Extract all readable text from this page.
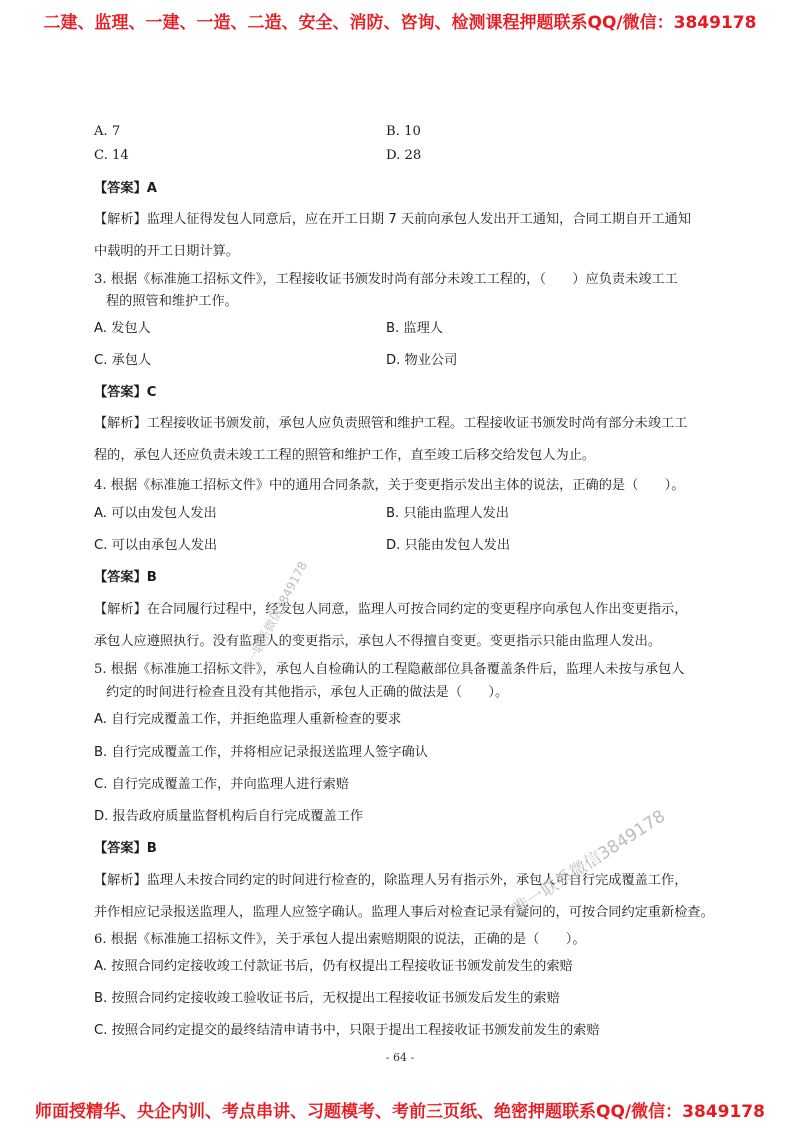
二建、监理、一建、一造、二造、安全、消防、咨询、检测课程押题联系QQ/微信：3849178
A. 7	B. 10
C. 14	D. 28
【答案】A
【解析】监理人征得发包人同意后，应在开工日期 7 天前向承包人发出开工通知，合同工期自开工通知
中载明的开工日期计算。
3. 根据《标准施工招标文件》，工程接收证书颁发时尚有部分未竣工工程的，（　　）应负责未竣工工
程的照管和维护工作。
A. 发包人	B. 监理人
C. 承包人	D. 物业公司
【答案】C
【解析】工程接收证书颁发前，承包人应负责照管和维护工程。工程接收证书颁发时尚有部分未竣工工
程的，承包人还应负责未竣工工程的照管和维护工作，直至竣工后移交给发包人为止。
4. 根据《标准施工招标文件》中的通用合同条款，关于变更指示发出主体的说法，正确的是（　　）。
A. 可以由发包人发出	B. 只能由监理人发出
C. 可以由承包人发出	D. 只能由发包人发出
【答案】B
【解析】在合同履行过程中，经发包人同意，监理人可按合同约定的变更程序向承包人作出变更指示，
承包人应遵照执行。没有监理人的变更指示，承包人不得擅自变更。变更指示只能由监理人发出。
5. 根据《标准施工招标文件》，承包人自检确认的工程隐蔽部位具备覆盖条件后，监理人未按与承包人
约定的时间进行检查且没有其他指示，承包人正确的做法是（　　）。
A. 自行完成覆盖工作，并拒绝监理人重新检查的要求
B. 自行完成覆盖工作，并将相应记录报送监理人签字确认
C. 自行完成覆盖工作，并向监理人进行索赔
D. 报告政府质量监督机构后自行完成覆盖工作
【答案】B
【解析】监理人未按合同约定的时间进行检查的，除监理人另有指示外，承包人可自行完成覆盖工作，
并作相应记录报送监理人，监理人应签字确认。监理人事后对检查记录有疑问的，可按合同约定重新检查。
6. 根据《标准施工招标文件》，关于承包人提出索赔期限的说法，正确的是（　　）。
A. 按照合同约定接收竣工付款证书后，仍有权提出工程接收证书颁发前发生的索赔
B. 按照合同约定接收竣工验收证书后，无权提出工程接收证书颁发后发生的索赔
C. 按照合同约定提交的最终结清申请书中，只限于提出工程接收证书颁发前发生的索赔
- 64 -
唯一联系微信3849178
唯一联系微信3849178
师面授精华、央企内训、考点串讲、习题模考、考前三页纸、绝密押题联系QQ/微信：3849178
